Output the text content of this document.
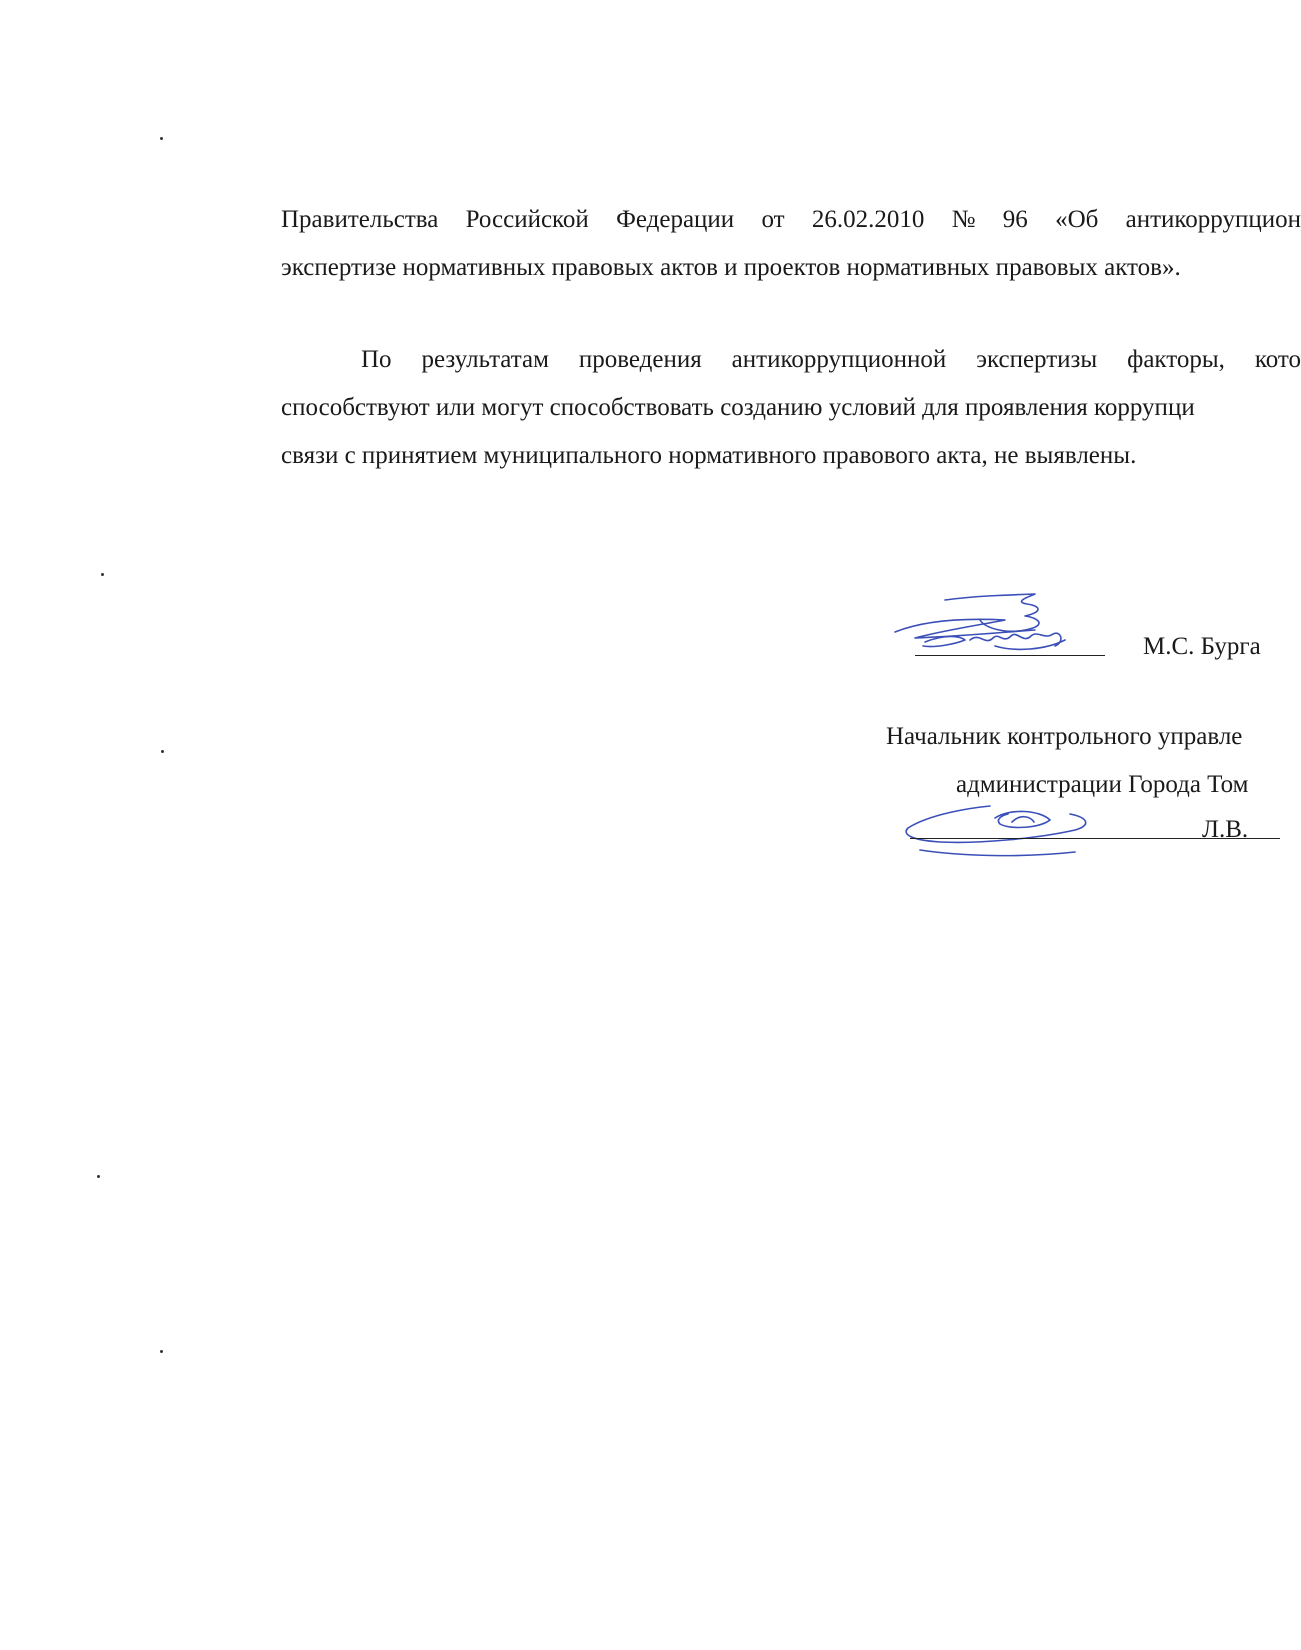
Правительства Российской Федерации от 26.02.2010 № 96 «Об антикоррупцион
экспертизе нормативных правовых актов и проектов нормативных правовых актов».
По результатам проведения антикоррупционной экспертизы факторы, кото
способствуют или могут способствовать созданию условий для проявления коррупци
связи с принятием муниципального нормативного правового акта, не выявлены.
М.С. Бурга
Начальник контрольного управле
администрации Города Том
Л.В.
